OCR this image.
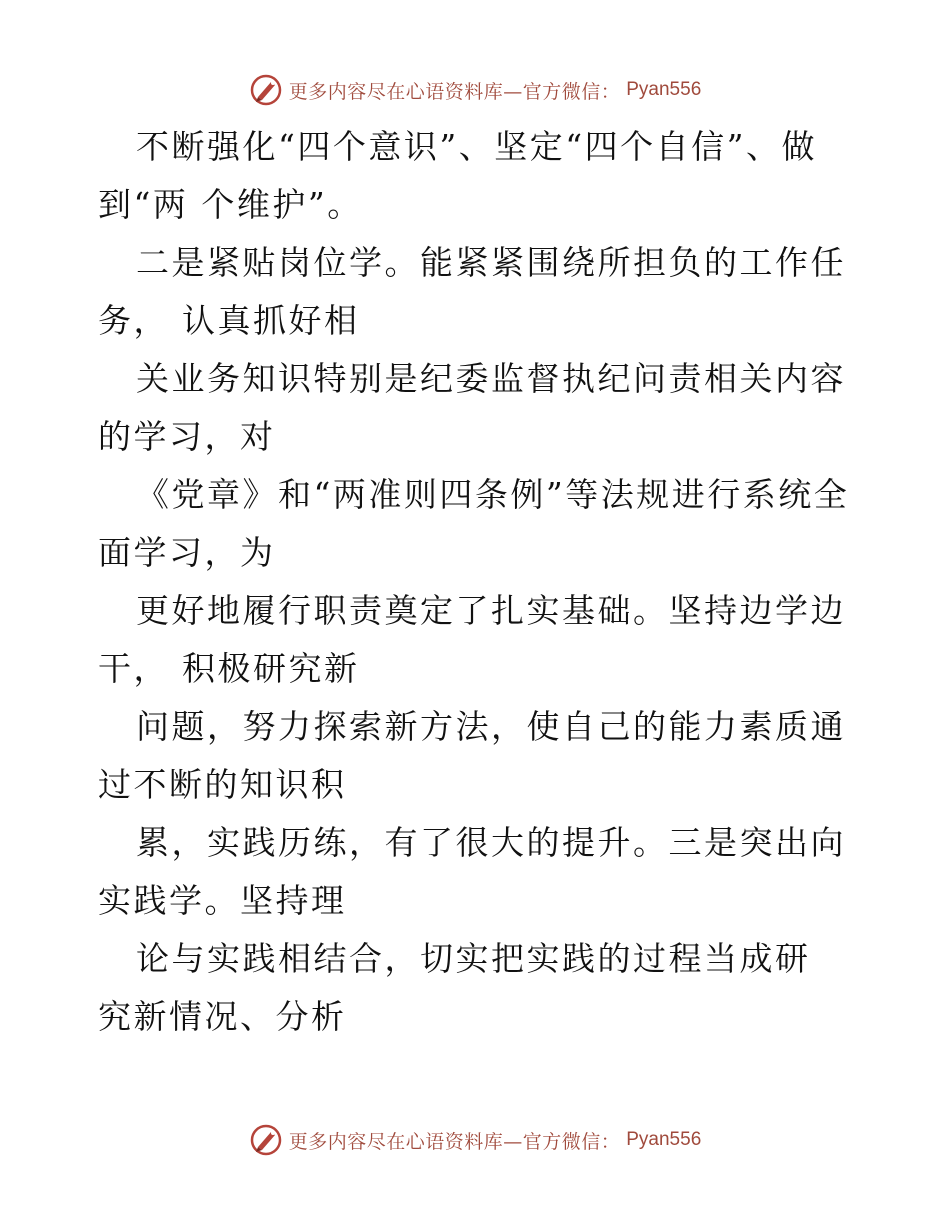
更多内容尽在心语资料库—官方微信： Pyan556

不断强化“四个意识”、坚定“四个自信”、做到“两 个维护”。

二是紧贴岗位学。能紧紧围绕所担负的工作任务， 认真抓好相

关业务知识特别是纪委监督执纪问责相关内容的学习，对

《党章》和“两准则四条例”等法规进行系统全面学习，为

更好地履行职责奠定了扎实基础。坚持边学边干， 积极研究新

问题，努力探索新方法，使自己的能力素质通过不断的知识积

累，实践历练，有了很大的提升。三是突出向实践学。坚持理

论与实践相结合，切实把实践的过程当成研 究新情况、分析

更多内容尽在心语资料库—官方微信： Pyan556
